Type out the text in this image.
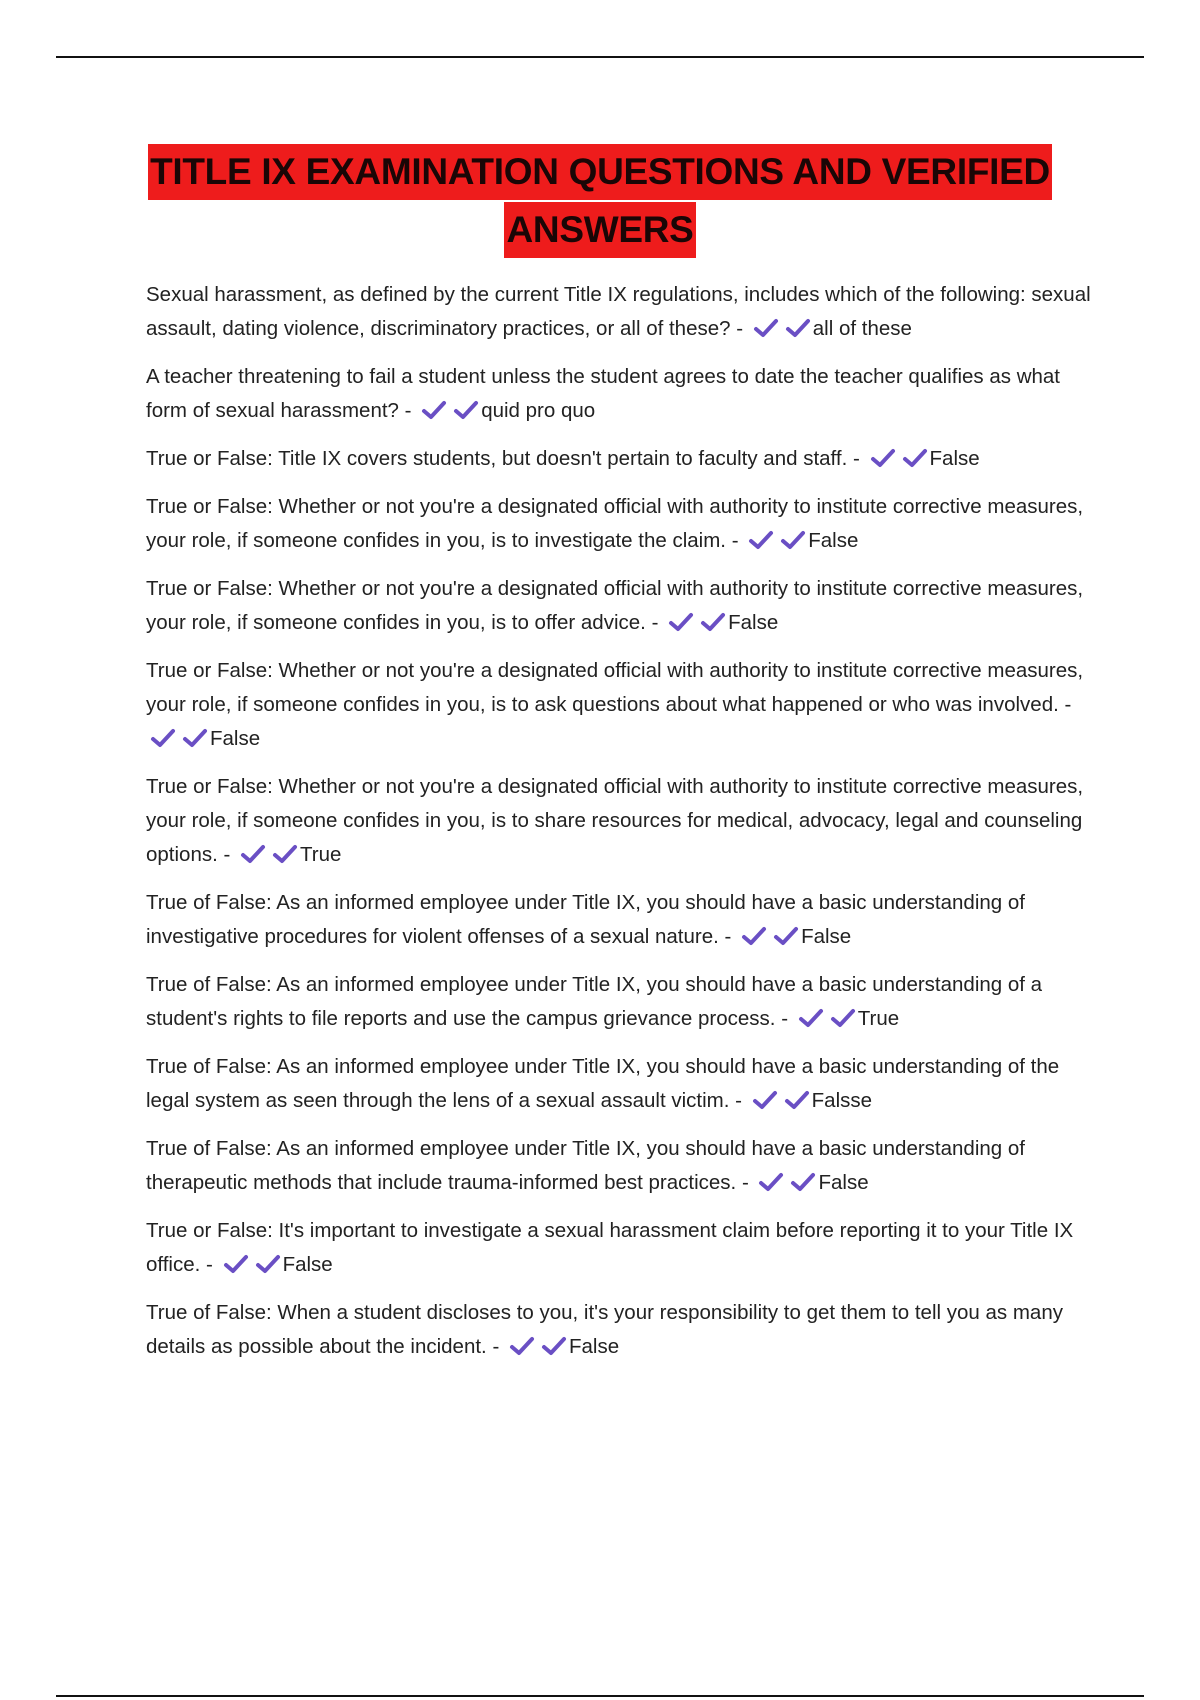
TITLE IX EXAMINATION QUESTIONS AND VERIFIED
ANSWERS

Sexual harassment, as defined by the current Title IX regulations, includes which of the following: sexual assault, dating violence, discriminatory practices, or all of these? -	all of these

A teacher threatening to fail a student unless the student agrees to date the teacher qualifies as what form of sexual harassment? -	quid pro quo

True or False: Title IX covers students, but doesn't pertain to faculty and staff. -	False

True or False: Whether or not you're a designated official with authority to institute corrective measures, your role, if someone confides in you, is to investigate the claim. -	False

True or False: Whether or not you're a designated official with authority to institute corrective measures, your role, if someone confides in you, is to offer advice. -	False

True or False: Whether or not you're a designated official with authority to institute corrective measures, your role, if someone confides in you, is to ask questions about what happened or who was involved. -
False

True or False: Whether or not you're a designated official with authority to institute corrective measures, your role, if someone confides in you, is to share resources for medical, advocacy, legal and counseling options. -	True

True of False: As an informed employee under Title IX, you should have a basic understanding of investigative procedures for violent offenses of a sexual nature. -	False

True of False: As an informed employee under Title IX, you should have a basic understanding of a student's rights to file reports and use the campus grievance process. -	True

True of False: As an informed employee under Title IX, you should have a basic understanding of the legal system as seen through the lens of a sexual assault victim. -	Falsse

True of False: As an informed employee under Title IX, you should have a basic understanding of therapeutic methods that include trauma-informed best practices. -	False

True or False: It's important to investigate a sexual harassment claim before reporting it to your Title IX office. -	False

True of False: When a student discloses to you, it's your responsibility to get them to tell you as many details as possible about the incident. -	False
